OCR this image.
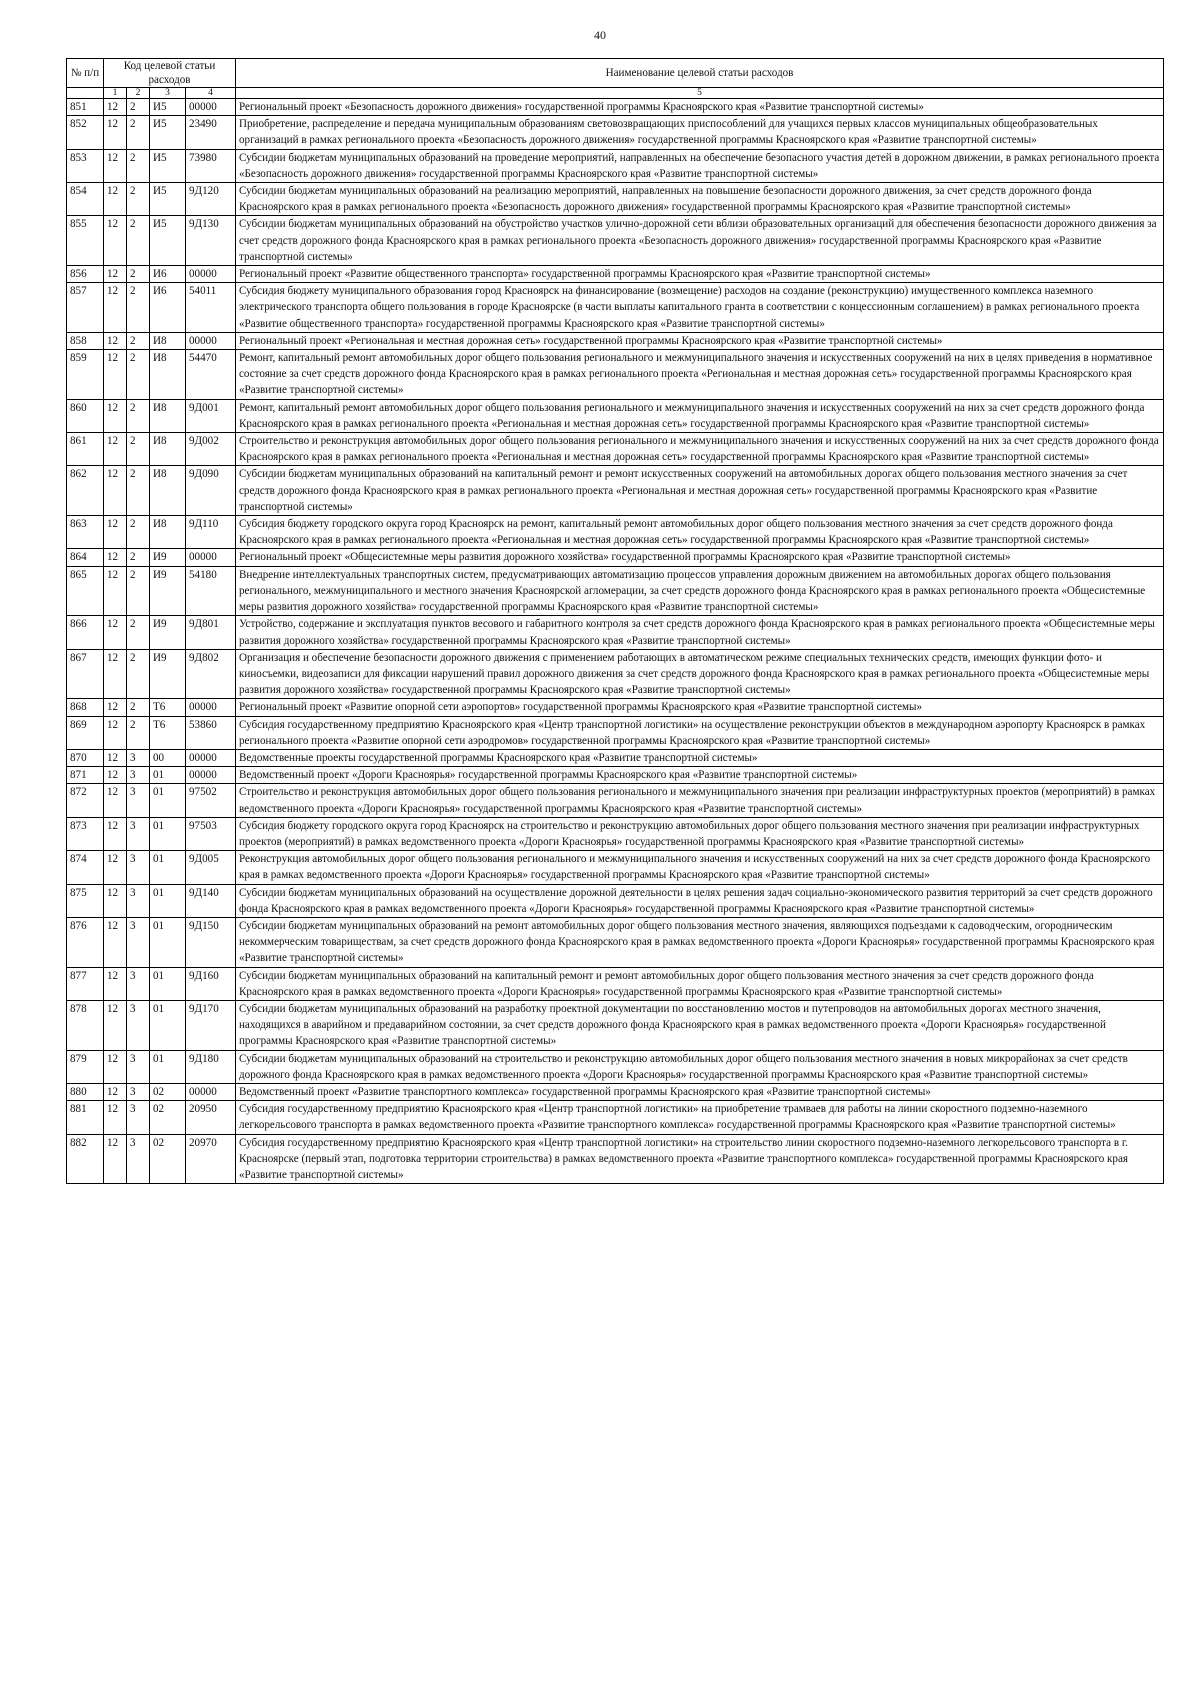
40
№ п/п	Код целевой статьи расходов				Наименование целевой статьи расходов

	1	2	3	4	5
851	12	2	И5	00000	Региональный проект «Безопасность дорожного движения» государственной программы Красноярского края «Развитие транспортной системы»
852	12	2	И5	23490	Приобретение, распределение и передача муниципальным образованиям световозвращающих приспособлений для учащихся первых классов муниципальных общеобразовательных организаций в рамках регионального проекта «Безопасность дорожного движения» государственной программы Красноярского края «Развитие транспортной системы»
853	12	2	И5	73980	Субсидии бюджетам муниципальных образований на проведение мероприятий, направленных на обеспечение безопасного участия детей в дорожном движении, в рамках регионального проекта «Безопасность дорожного движения» государственной программы Красноярского края «Развитие транспортной системы»
854	12	2	И5	9Д120	Субсидии бюджетам муниципальных образований на реализацию мероприятий, направленных на повышение безопасности дорожного движения, за счет средств дорожного фонда Красноярского края в рамках регионального проекта «Безопасность дорожного движения» государственной программы Красноярского края «Развитие транспортной системы»
855	12	2	И5	9Д130	Субсидии бюджетам муниципальных образований на обустройство участков улично-дорожной сети вблизи образовательных организаций для обеспечения безопасности дорожного движения за счет средств дорожного фонда Красноярского края в рамках регионального проекта «Безопасность дорожного движения» государственной программы Красноярского края «Развитие транспортной системы»
856	12	2	И6	00000	Региональный проект «Развитие общественного транспорта» государственной программы Красноярского края «Развитие транспортной системы»
857	12	2	И6	54011	Субсидия бюджету муниципального образования город Красноярск на финансирование (возмещение) расходов на создание (реконструкцию) имущественного комплекса наземного электрического транспорта общего пользования в городе Красноярске (в части выплаты капитального гранта в соответствии с концессионным соглашением) в рамках регионального проекта «Развитие общественного транспорта» государственной программы Красноярского края «Развитие транспортной системы»
858	12	2	И8	00000	Региональный проект «Региональная и местная дорожная сеть» государственной программы Красноярского края «Развитие транспортной системы»
859	12	2	И8	54470	Ремонт, капитальный ремонт автомобильных дорог общего пользования регионального и межмуниципального значения и искусственных сооружений на них в целях приведения в нормативное состояние за счет средств дорожного фонда Красноярского края в рамках регионального проекта «Региональная и местная дорожная сеть» государственной программы Красноярского края «Развитие транспортной системы»
860	12	2	И8	9Д001	Ремонт, капитальный ремонт автомобильных дорог общего пользования регионального и межмуниципального значения и искусственных сооружений на них за счет средств дорожного фонда Красноярского края в рамках регионального проекта «Региональная и местная дорожная сеть» государственной программы Красноярского края «Развитие транспортной системы»
861	12	2	И8	9Д002	Строительство и реконструкция автомобильных дорог общего пользования регионального и межмуниципального значения и искусственных сооружений на них за счет средств дорожного фонда Красноярского края в рамках регионального проекта «Региональная и местная дорожная сеть» государственной программы Красноярского края «Развитие транспортной системы»
862	12	2	И8	9Д090	Субсидии бюджетам муниципальных образований на капитальный ремонт и ремонт искусственных сооружений на автомобильных дорогах общего пользования местного значения за счет средств дорожного фонда Красноярского края в рамках регионального проекта «Региональная и местная дорожная сеть» государственной программы Красноярского края «Развитие транспортной системы»
863	12	2	И8	9Д110	Субсидия бюджету городского округа город Красноярск на ремонт, капитальный ремонт автомобильных дорог общего пользования местного значения за счет средств дорожного фонда Красноярского края в рамках регионального проекта «Региональная и местная дорожная сеть» государственной программы Красноярского края «Развитие транспортной системы»
864	12	2	И9	00000	Региональный проект «Общесистемные меры развития дорожного хозяйства» государственной программы Красноярского края «Развитие транспортной системы»
865	12	2	И9	54180	Внедрение интеллектуальных транспортных систем, предусматривающих автоматизацию процессов управления дорожным движением на автомобильных дорогах общего пользования регионального, межмуниципального и местного значения Красноярской агломерации, за счет средств дорожного фонда Красноярского края в рамках регионального проекта «Общесистемные меры развития дорожного хозяйства» государственной программы Красноярского края «Развитие транспортной системы»
866	12	2	И9	9Д801	Устройство, содержание и эксплуатация пунктов весового и габаритного контроля за счет средств дорожного фонда Красноярского края в рамках регионального проекта «Общесистемные меры развития дорожного хозяйства» государственной программы Красноярского края «Развитие транспортной системы»
867	12	2	И9	9Д802	Организация и обеспечение безопасности дорожного движения с применением работающих в автоматическом режиме специальных технических средств, имеющих функции фото- и киносъемки, видеозаписи для фиксации нарушений правил дорожного движения за счет средств дорожного фонда Красноярского края в рамках регионального проекта «Общесистемные меры развития дорожного хозяйства» государственной программы Красноярского края «Развитие транспортной системы»
868	12	2	Т6	00000	Региональный проект «Развитие опорной сети аэропортов» государственной программы Красноярского края «Развитие транспортной системы»
869	12	2	Т6	53860	Субсидия государственному предприятию Красноярского края «Центр транспортной логистики» на осуществление реконструкции объектов в международном аэропорту Красноярск в рамках регионального проекта «Развитие опорной сети аэродромов» государственной программы Красноярского края «Развитие транспортной системы»
870	12	3	00	00000	Ведомственные проекты государственной программы Красноярского края «Развитие транспортной системы»
871	12	3	01	00000	Ведомственный проект «Дороги Красноярья» государственной программы Красноярского края «Развитие транспортной системы»
872	12	3	01	97502	Строительство и реконструкция автомобильных дорог общего пользования регионального и межмуниципального значения при реализации инфраструктурных проектов (мероприятий) в рамках ведомственного проекта «Дороги Красноярья» государственной программы Красноярского края «Развитие транспортной системы»
873	12	3	01	97503	Субсидия бюджету городского округа город Красноярск на строительство и реконструкцию автомобильных дорог общего пользования местного значения при реализации инфраструктурных проектов (мероприятий) в рамках ведомственного проекта «Дороги Красноярья» государственной программы Красноярского края «Развитие транспортной системы»
874	12	3	01	9Д005	Реконструкция автомобильных дорог общего пользования регионального и межмуниципального значения и искусственных сооружений на них за счет средств дорожного фонда Красноярского края в рамках ведомственного проекта «Дороги Красноярья» государственной программы Красноярского края «Развитие транспортной системы»
875	12	3	01	9Д140	Субсидии бюджетам муниципальных образований на осуществление дорожной деятельности в целях решения задач социально-экономического развития территорий за счет средств дорожного фонда Красноярского края в рамках ведомственного проекта «Дороги Красноярья» государственной программы Красноярского края «Развитие транспортной системы»
876	12	3	01	9Д150	Субсидии бюджетам муниципальных образований на ремонт автомобильных дорог общего пользования местного значения, являющихся подъездами к садоводческим, огородническим некоммерческим товариществам, за счет средств дорожного фонда Красноярского края в рамках ведомственного проекта «Дороги Красноярья» государственной программы Красноярского края «Развитие транспортной системы»
877	12	3	01	9Д160	Субсидии бюджетам муниципальных образований на капитальный ремонт и ремонт автомобильных дорог общего пользования местного значения за счет средств дорожного фонда Красноярского края в рамках ведомственного проекта «Дороги Красноярья» государственной программы Красноярского края «Развитие транспортной системы»
878	12	3	01	9Д170	Субсидии бюджетам муниципальных образований на разработку проектной документации по восстановлению мостов и путепроводов на автомобильных дорогах местного значения, находящихся в аварийном и предаварийном состоянии, за счет средств дорожного фонда Красноярского края в рамках ведомственного проекта «Дороги Красноярья» государственной программы Красноярского края «Развитие транспортной системы»
879	12	3	01	9Д180	Субсидии бюджетам муниципальных образований на строительство и реконструкцию автомобильных дорог общего пользования местного значения в новых микрорайонах за счет средств дорожного фонда Красноярского края в рамках ведомственного проекта «Дороги Красноярья» государственной программы Красноярского края «Развитие транспортной системы»
880	12	3	02	00000	Ведомственный проект «Развитие транспортного комплекса» государственной программы Красноярского края «Развитие транспортной системы»
881	12	3	02	20950	Субсидия государственному предприятию Красноярского края «Центр транспортной логистики» на приобретение трамваев для работы на линии скоростного подземно-наземного легкорельсового транспорта в рамках ведомственного проекта «Развитие транспортного комплекса» государственной программы Красноярского края «Развитие транспортной системы»
882	12	3	02	20970	Субсидия государственному предприятию Красноярского края «Центр транспортной логистики» на строительство линии скоростного подземно-наземного легкорельсового транспорта в г. Красноярске (первый этап, подготовка территории строительства) в рамках ведомственного проекта «Развитие транспортного комплекса» государственной программы Красноярского края «Развитие транспортной системы»
